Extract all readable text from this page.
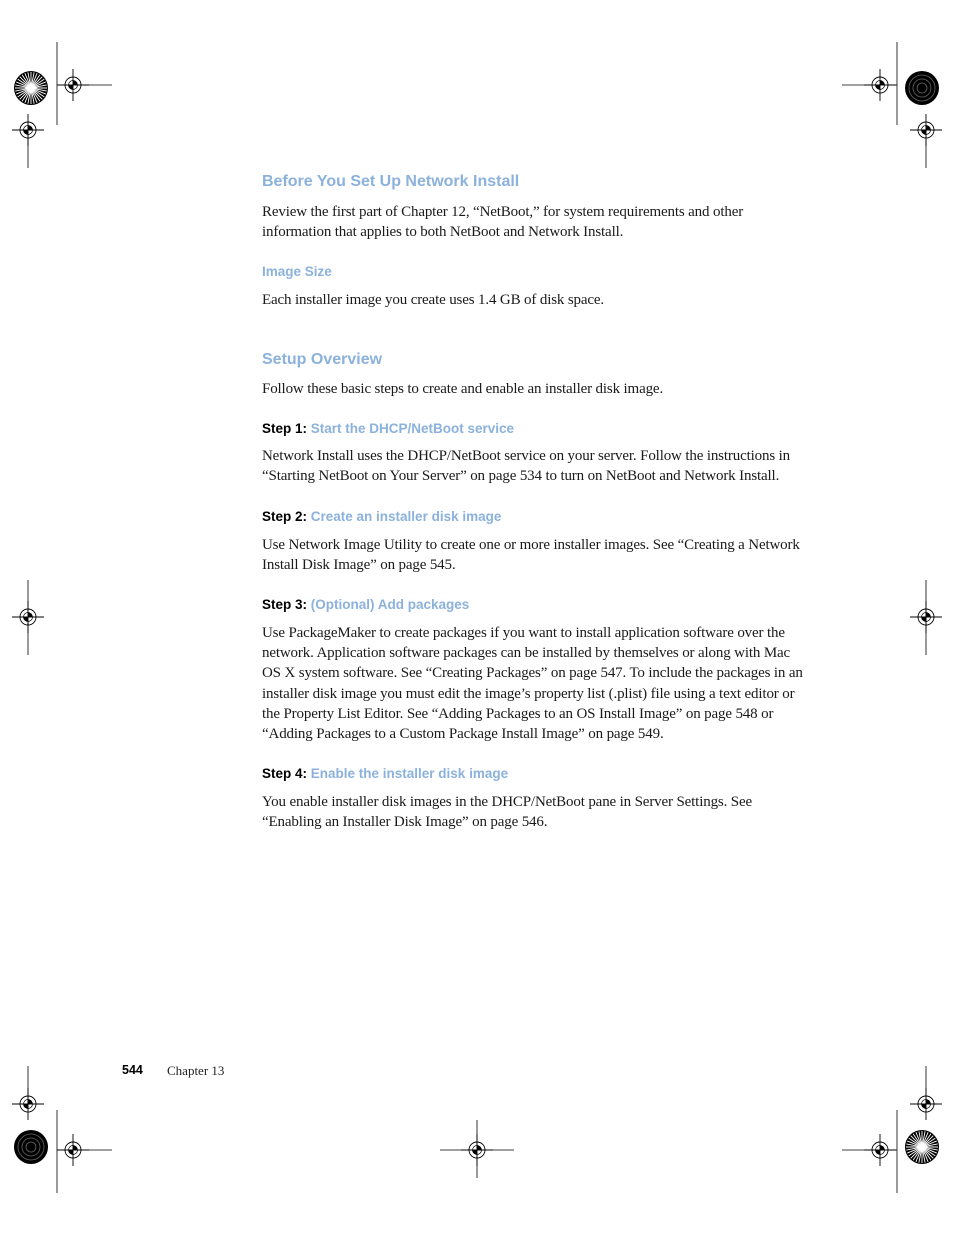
Before You Set Up Network Install

Review the first part of Chapter 12, “NetBoot,” for system requirements and other information that applies to both NetBoot and Network Install.

Image Size

Each installer image you create uses 1.4 GB of disk space.

Setup Overview

Follow these basic steps to create and enable an installer disk image.

Step 1: Start the DHCP/NetBoot service

Network Install uses the DHCP/NetBoot service on your server. Follow the instructions in “Starting NetBoot on Your Server” on page 534 to turn on NetBoot and Network Install.

Step 2: Create an installer disk image

Use Network Image Utility to create one or more installer images. See “Creating a Network Install Disk Image” on page 545.

Step 3: (Optional) Add packages

Use PackageMaker to create packages if you want to install application software over the network. Application software packages can be installed by themselves or along with Mac OS X system software. See “Creating Packages” on page 547. To include the packages in an installer disk image you must edit the image’s property list (.plist) file using a text editor or the Property List Editor. See “Adding Packages to an OS Install Image” on page 548 or “Adding Packages to a Custom Package Install Image” on page 549.

Step 4: Enable the installer disk image

You enable installer disk images in the DHCP/NetBoot pane in Server Settings. See “Enabling an Installer Disk Image” on page 546.

544 Chapter 13
